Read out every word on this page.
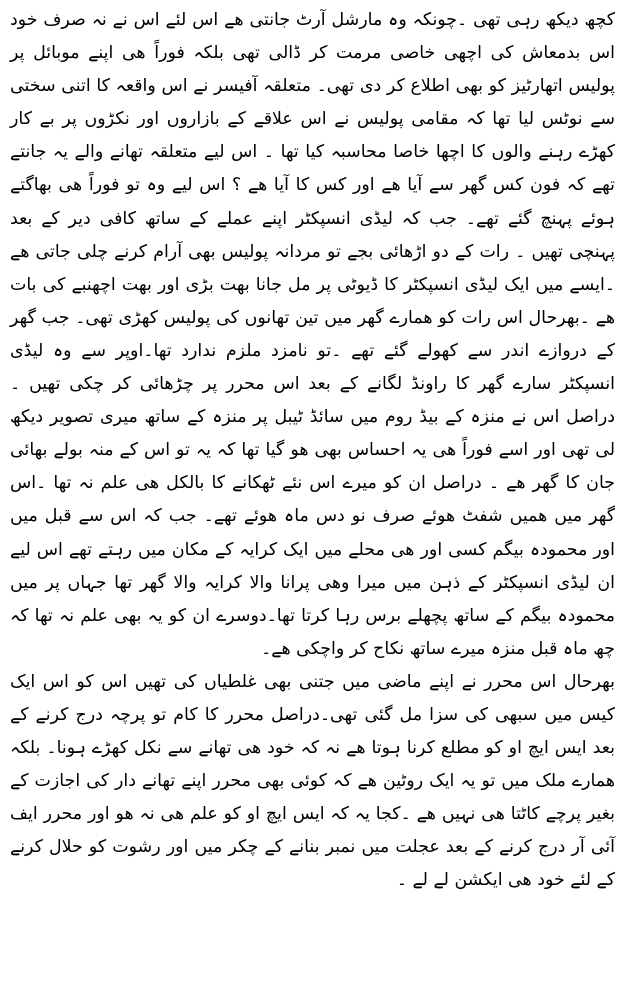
کچھ دیکھ رہی تھی ۔چونکہ وہ مارشل آرٹ جانتی ھے اس لئے اس نے نہ صرف خود اس بدمعاش کی اچھی خاصی مرمت کر ڈالی تھی بلکہ فوراً ھی اپنے موبائل پر پولیس اتھارٹیز کو بھی اطلاع کر دی تھی۔ متعلقہ آفیسر نے اس واقعہ کا اتنی سختی سے نوٹس لیا تھا کہ مقامی پولیس نے اس علاقے کے بازاروں اور نکڑوں پر بے کار کھڑے رہنے والوں کا اچھا خاصا محاسبہ کیا تھا ۔ اس لیے متعلقہ تھانے والے یہ جانتے تھے کہ فون کس گھر سے آیا ھے اور کس کا آیا ھے ؟ اس لیے وہ تو فوراً ھی بھاگتے ہوئے پہنچ گئے تھے۔ جب کہ لیڈی انسپکٹر اپنے عملے کے ساتھ کافی دیر کے بعد پہنچی تھیں ۔ رات کے دو اڑھائی بجے تو مردانہ پولیس بھی آرام کرنے چلی جاتی ھے ۔ایسے میں ایک لیڈی انسپکٹر کا ڈیوٹی پر مل جانا بھت بڑی اور بھت اچھنبے کی بات ھے ۔بھرحال اس رات کو ھمارے گھر میں تین تھانوں کی پولیس کھڑی تھی۔ جب گھر کے دروازے اندر سے کھولے گئے تھے ۔تو نامزد ملزم ندارد تھا۔اوپر سے وہ لیڈی انسپکٹر سارے گھر کا راونڈ لگانے کے بعد اس محرر پر چڑھائی کر چکی تھیں ۔ دراصل اس نے منزہ کے بیڈ روم میں سائڈ ٹیبل پر منزہ کے ساتھ میری تصویر دیکھ لی تھی اور اسے فوراً ھی یہ احساس بھی ھو گیا تھا کہ یہ تو اس کے منہ بولے بھائی جان کا گھر ھے ۔ دراصل ان کو میرے اس نئے ٹھکانے کا بالکل ھی علم نہ تھا ۔اس گھر میں ھمیں شفٹ ھوئے صرف نو دس ماہ ھوئے تھے۔ جب کہ اس سے قبل میں اور محمودہ بیگم کسی اور ھی محلے میں ایک کرایہ کے مکان میں رہتے تھے اس لیے ان لیڈی انسپکٹر کے ذہن میں میرا وھی پرانا والا کرایہ والا گھر تھا جہاں پر میں محمودہ بیگم کے ساتھ پچھلے برس رہا کرتا تھا۔دوسرے ان کو یہ بھی علم نہ تھا کہ چھ ماہ قبل منزہ میرے ساتھ نکاح کر واچکی ھے۔

بھرحال اس محرر نے اپنے ماضی میں جتنی بھی غلطیاں کی تھیں اس کو اس ایک کیس میں سبھی کی سزا مل گئی تھی۔دراصل محرر کا کام تو پرچہ درج کرنے کے بعد ایس ایچ او کو مطلع کرنا ہوتا ھے نہ کہ خود ھی تھانے سے نکل کھڑے ہونا۔ بلکہ ھمارے ملک میں تو یہ ایک روٹین ھے کہ کوئی بھی محرر اپنے تھانے دار کی اجازت کے بغیر پرچے کاٹتا ھی نہیں ھے ۔کجا یہ کہ ایس ایچ او کو علم ھی نہ ھو اور محرر ایف آئی آر درج کرنے کے بعد عجلت میں نمبر بنانے کے چکر میں اور رشوت کو حلال کرنے کے لئے خود ھی ایکشن لے لے ۔
